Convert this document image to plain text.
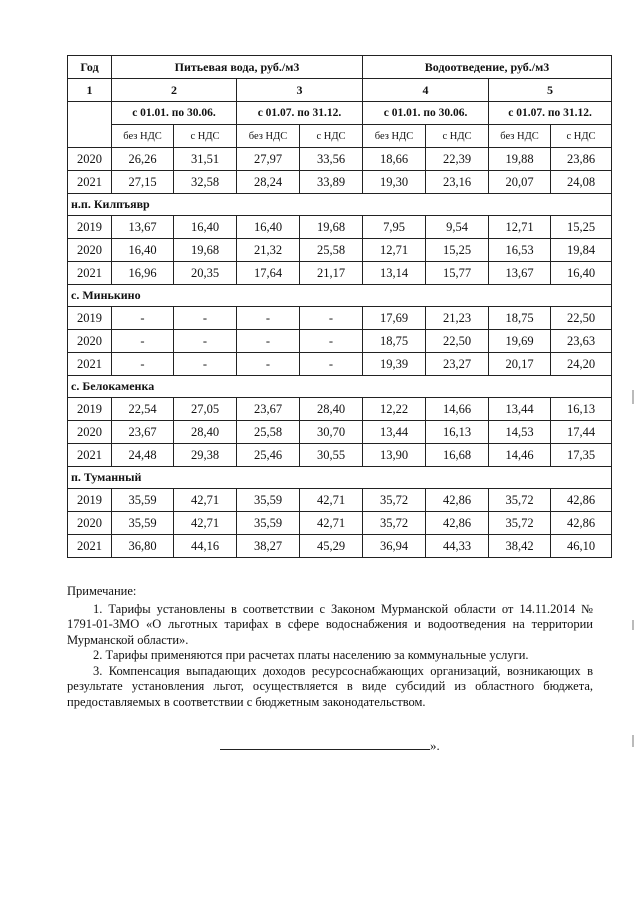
Год	Питьевая вода, руб./м3				Водоотведение, руб./м3			
1	2		3		4		5	
	с 01.01. по 30.06.		с 01.07. по 31.12.		с 01.01. по 30.06.		с 01.07. по 31.12.	
	без НДС	с НДС	без НДС	с НДС	без НДС	с НДС	без НДС	с НДС
2020	26,26	31,51	27,97	33,56	18,66	22,39	19,88	23,86
2021	27,15	32,58	28,24	33,89	19,30	23,16	20,07	24,08
н.п. Килпъявр								
2019	13,67	16,40	16,40	19,68	7,95	9,54	12,71	15,25
2020	16,40	19,68	21,32	25,58	12,71	15,25	16,53	19,84
2021	16,96	20,35	17,64	21,17	13,14	15,77	13,67	16,40
с. Минькино								
2019	-	-	-	-	17,69	21,23	18,75	22,50
2020	-	-	-	-	18,75	22,50	19,69	23,63
2021	-	-	-	-	19,39	23,27	20,17	24,20
с. Белокаменка								
2019	22,54	27,05	23,67	28,40	12,22	14,66	13,44	16,13
2020	23,67	28,40	25,58	30,70	13,44	16,13	14,53	17,44
2021	24,48	29,38	25,46	30,55	13,90	16,68	14,46	17,35
п. Туманный								
2019	35,59	42,71	35,59	42,71	35,72	42,86	35,72	42,86
2020	35,59	42,71	35,59	42,71	35,72	42,86	35,72	42,86
2021	36,80	44,16	38,27	45,29	36,94	44,33	38,42	46,10

Примечание:

1. Тарифы установлены в соответствии с Законом Мурманской области от 14.11.2014 № 1791-01-ЗМО «О льготных тарифах в сфере водоснабжения и водоотведения на территории Мурманской области».

2. Тарифы применяются при расчетах платы населению за коммунальные услуги.

3. Компенсация выпадающих доходов ресурсоснабжающих организаций, возникающих в результате установления льгот, осуществляется в виде субсидий из областного бюджета, предоставляемых в соответствии с бюджетным законодательством.

».
